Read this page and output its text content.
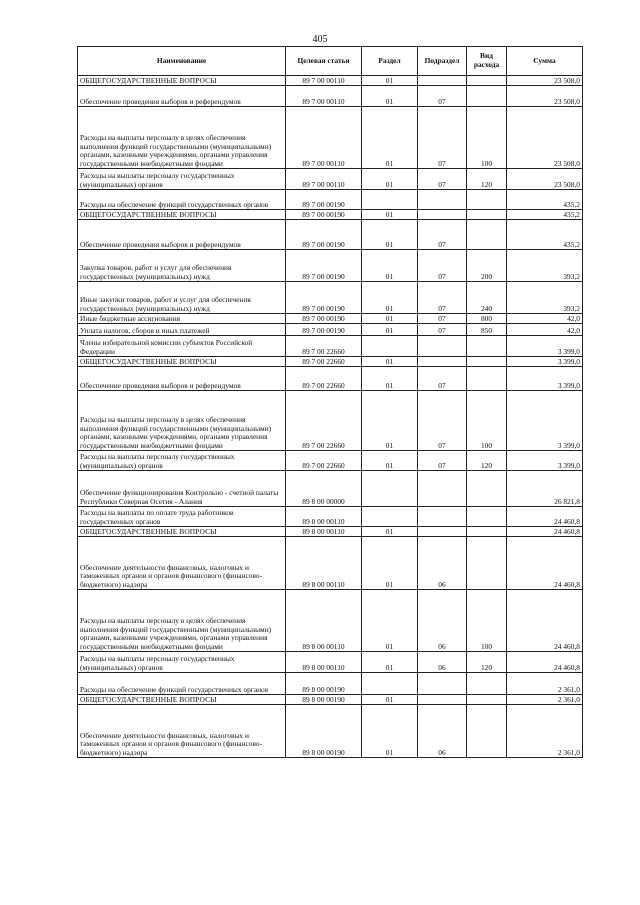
405
Наименование	Целевая статья	Раздел	Подраздел	Вид расхода	Сумма
ОБЩЕГОСУДАРСТВЕННЫЕ ВОПРОСЫ	89 7 00 00110	01			23 508,0
Обеспечение проведения выборов и референдумов	89 7 00 00110	01	07		23 508,0
Расходы на выплаты персоналу в целях обеспечения выполнения функций государственными (муниципальными) органами, казенными учреждениями, органами управления государственными внебюджетными фондами	89 7 00 00110	01	07	100	23 508,0
Расходы на выплаты персоналу государственных (муниципальных) органов	89 7 00 00110	01	07	120	23 508,0
Расходы на обеспечение функций государственных органов	89 7 00 00190				435,2
ОБЩЕГОСУДАРСТВЕННЫЕ ВОПРОСЫ	89 7 00 00190	01			435,2
Обеспечение проведения выборов и референдумов	89 7 00 00190	01	07		435,2
Закупка товаров, работ и услуг для обеспечения государственных (муниципальных) нужд	89 7 00 00190	01	07	200	393,2
Иные закупки товаров, работ и услуг для обеспечения государственных (муниципальных) нужд	89 7 00 00190	01	07	240	393,2
Иные бюджетные ассигнования	89 7 00 00190	01	07	800	42,0
Уплата налогов, сборов и иных платежей	89 7 00 00190	01	07	850	42,0
Члены избирательной комиссии субъектов Российской Федерации	89 7 00 22660				3 399,0
ОБЩЕГОСУДАРСТВЕННЫЕ ВОПРОСЫ	89 7 00 22660	01			3 399,0
Обеспечение проведения выборов и референдумов	89 7 00 22660	01	07		3 399,0
Расходы на выплаты персоналу в целях обеспечения выполнения функций государственными (муниципальными) органами, казенными учреждениями, органами управления государственными внебюджетными фондами	89 7 00 22660	01	07	100	3 399,0
Расходы на выплаты персоналу государственных (муниципальных) органов	89 7 00 22660	01	07	120	3 399,0
Обеспечение функционирования Контрольно - счетной палаты Республики Северная Осетия - Алания	89 8 00 00000				26 821,8
Расходы на выплаты по оплате труда работников государственных органов	89 8 00 00110				24 460,8
ОБЩЕГОСУДАРСТВЕННЫЕ ВОПРОСЫ	89 8 00 00110	01			24 460,8
Обеспечение деятельности финансовых, налоговых и таможенных органов и органов финансового (финансово-бюджетного) надзора	89 8 00 00110	01	06		24 460,8
Расходы на выплаты персоналу в целях обеспечения выполнения функций государственными (муниципальными) органами, казенными учреждениями, органами управления государственными внебюджетными фондами	89 8 00 00110	01	06	100	24 460,8
Расходы на выплаты персоналу государственных (муниципальных) органов	89 8 00 00110	01	06	120	24 460,8
Расходы на обеспечение функций государственных органов	89 8 00 00190				2 361,0
ОБЩЕГОСУДАРСТВЕННЫЕ ВОПРОСЫ	89 8 00 00190	01			2 361,0
Обеспечение деятельности финансовых, налоговых и таможенных органов и органов финансового (финансово-бюджетного) надзора	89 8 00 00190	01	06		2 361,0
